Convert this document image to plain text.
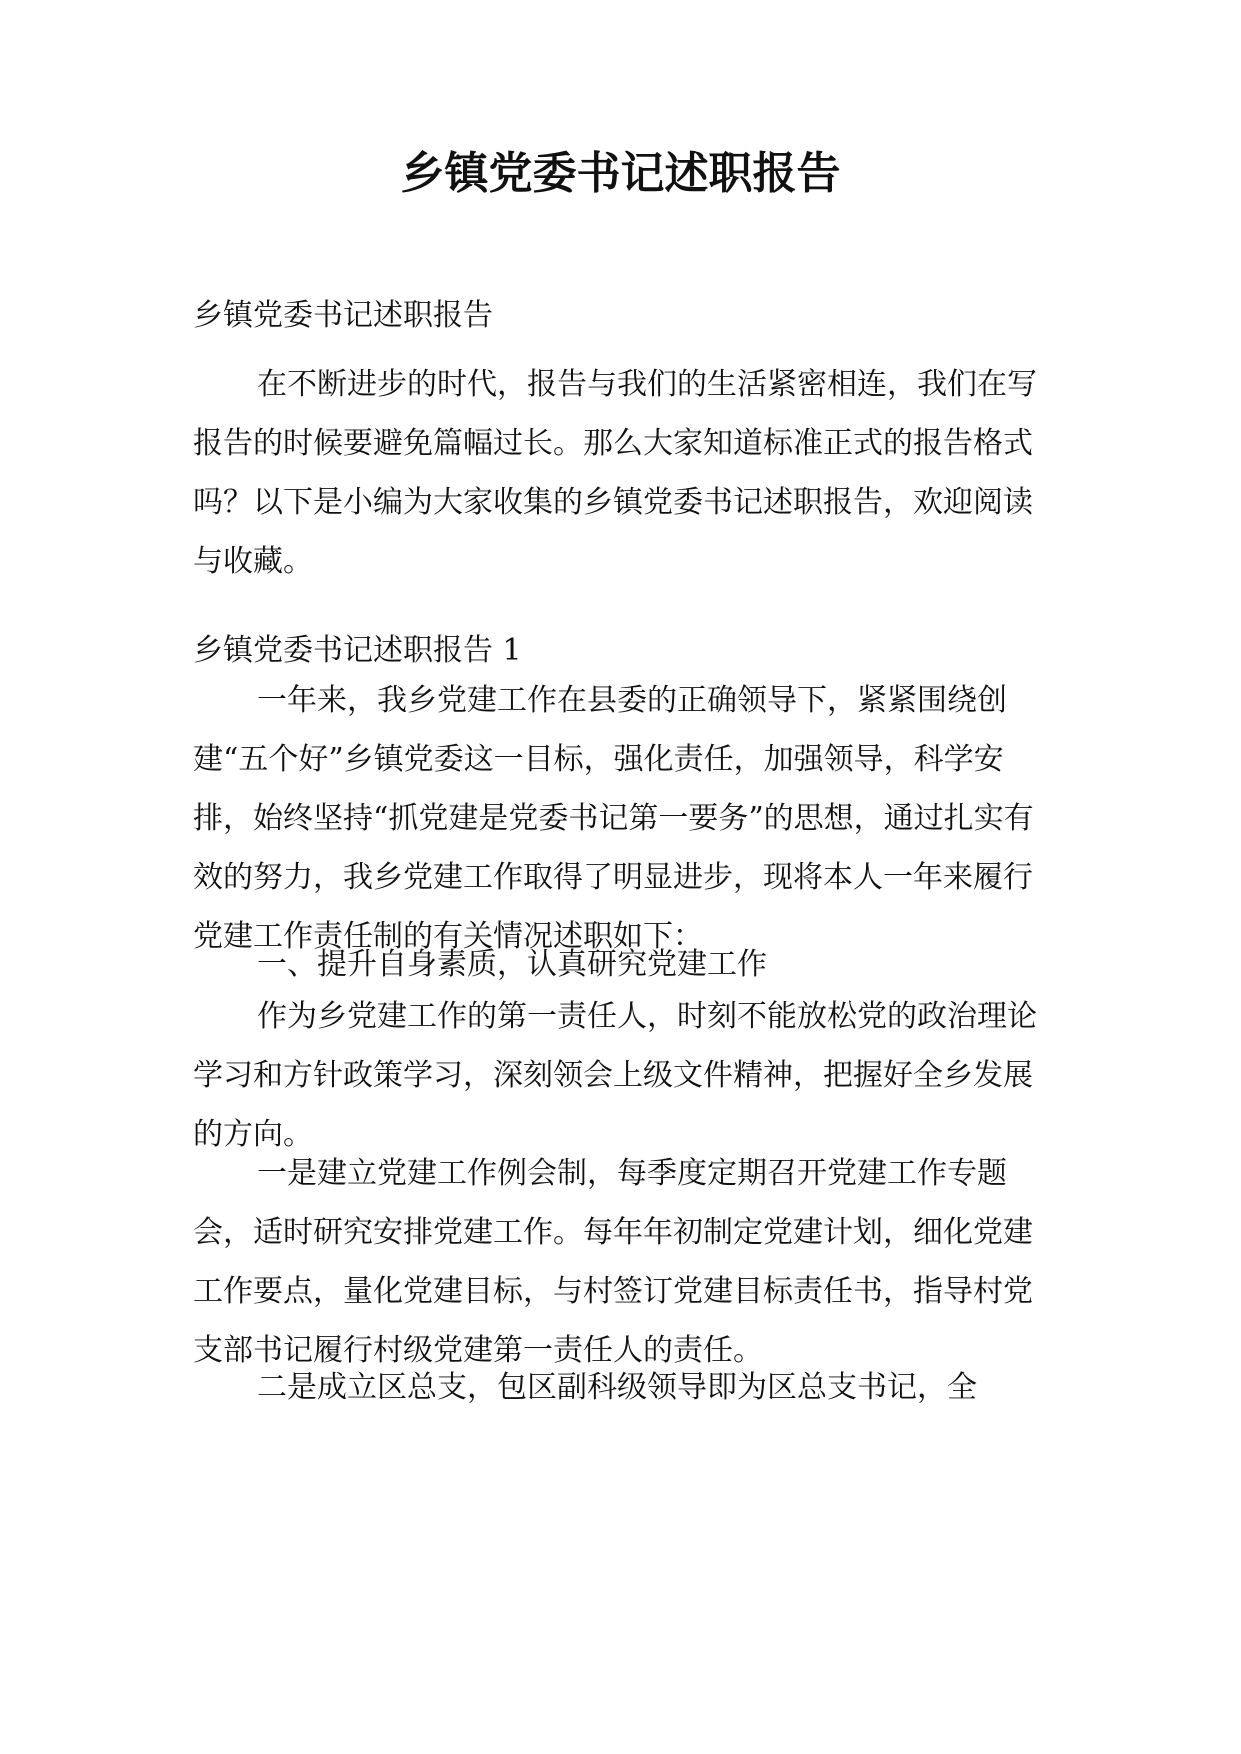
乡镇党委书记述职报告
乡镇党委书记述职报告

在不断进步的时代，报告与我们的生活紧密相连，我们在写报告的时候要避免篇幅过长。那么大家知道标准正式的报告格式吗？以下是小编为大家收集的乡镇党委书记述职报告，欢迎阅读与收藏。

乡镇党委书记述职报告 1

一年来，我乡党建工作在县委的正确领导下，紧紧围绕创建“五个好”乡镇党委这一目标，强化责任，加强领导，科学安排，始终坚持“抓党建是党委书记第一要务”的思想，通过扎实有效的努力，我乡党建工作取得了明显进步，现将本人一年来履行党建工作责任制的有关情况述职如下：

一、提升自身素质，认真研究党建工作

作为乡党建工作的第一责任人，时刻不能放松党的政治理论学习和方针政策学习，深刻领会上级文件精神，把握好全乡发展的方向。

一是建立党建工作例会制，每季度定期召开党建工作专题会，适时研究安排党建工作。每年年初制定党建计划，细化党建工作要点，量化党建目标，与村签订党建目标责任书，指导村党支部书记履行村级党建第一责任人的责任。

二是成立区总支，包区副科级领导即为区总支书记，全
